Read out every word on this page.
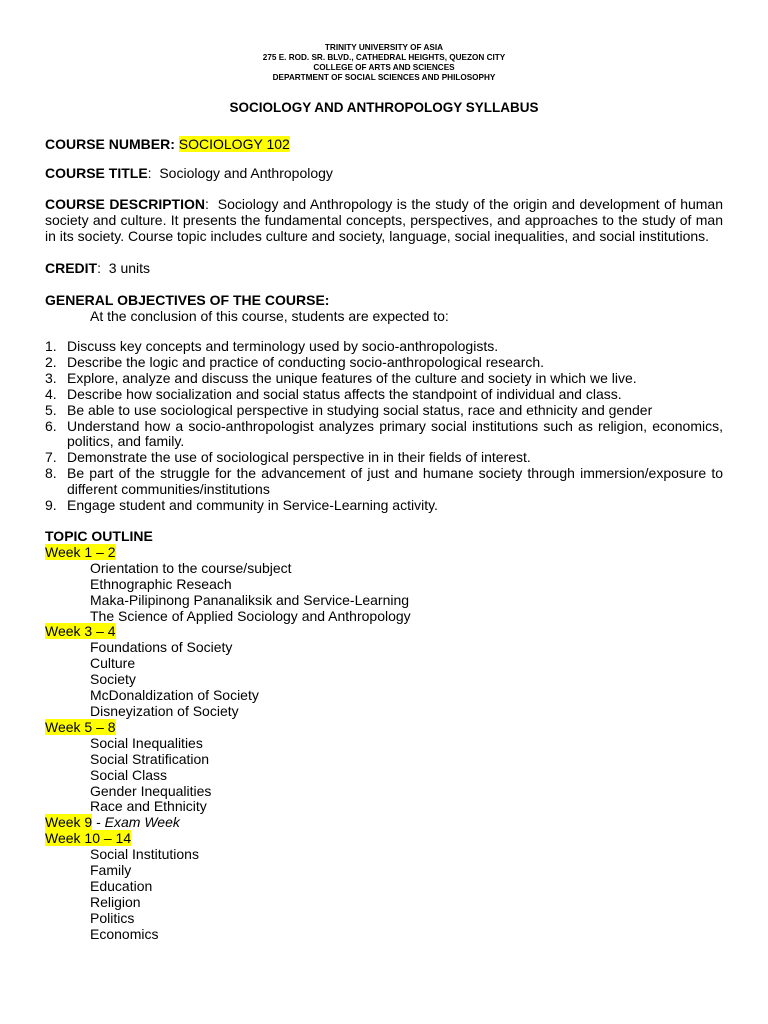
TRINITY UNIVERSITY OF ASIA
275 E. ROD. SR. BLVD., CATHEDRAL HEIGHTS, QUEZON CITY
COLLEGE OF ARTS AND SCIENCES
DEPARTMENT OF SOCIAL SCIENCES AND PHILOSOPHY
SOCIOLOGY AND ANTHROPOLOGY SYLLABUS
COURSE NUMBER: SOCIOLOGY 102
COURSE TITLE:  Sociology and Anthropology
COURSE DESCRIPTION:  Sociology and Anthropology is the study of the origin and development of human society and culture. It presents the fundamental concepts, perspectives, and approaches to the study of man in its society. Course topic includes culture and society, language, social inequalities, and social institutions.
CREDIT:  3 units
GENERAL OBJECTIVES OF THE COURSE:
At the conclusion of this course, students are expected to:
1. Discuss key concepts and terminology used by socio-anthropologists.
2. Describe the logic and practice of conducting socio-anthropological research.
3. Explore, analyze and discuss the unique features of the culture and society in which we live.
4. Describe how socialization and social status affects the standpoint of individual and class.
5. Be able to use sociological perspective in studying social status, race and ethnicity and gender
6. Understand how a socio-anthropologist analyzes primary social institutions such as religion, economics, politics, and family.
7. Demonstrate the use of sociological perspective in in their fields of interest.
8. Be part of the struggle for the advancement of just and humane society through immersion/exposure to different communities/institutions
9. Engage student and community in Service-Learning activity.
TOPIC OUTLINE
Week 1 – 2
Orientation to the course/subject
Ethnographic Reseach
Maka-Pilipinong Pananaliksik and Service-Learning
The Science of Applied Sociology and Anthropology
Week 3 – 4
Foundations of Society
Culture
Society
McDonaldization of Society
Disneyization of Society
Week 5 – 8
Social Inequalities
Social Stratification
Social Class
Gender Inequalities
Race and Ethnicity
Week 9 - Exam Week
Week 10 – 14
Social Institutions
Family
Education
Religion
Politics
Economics
